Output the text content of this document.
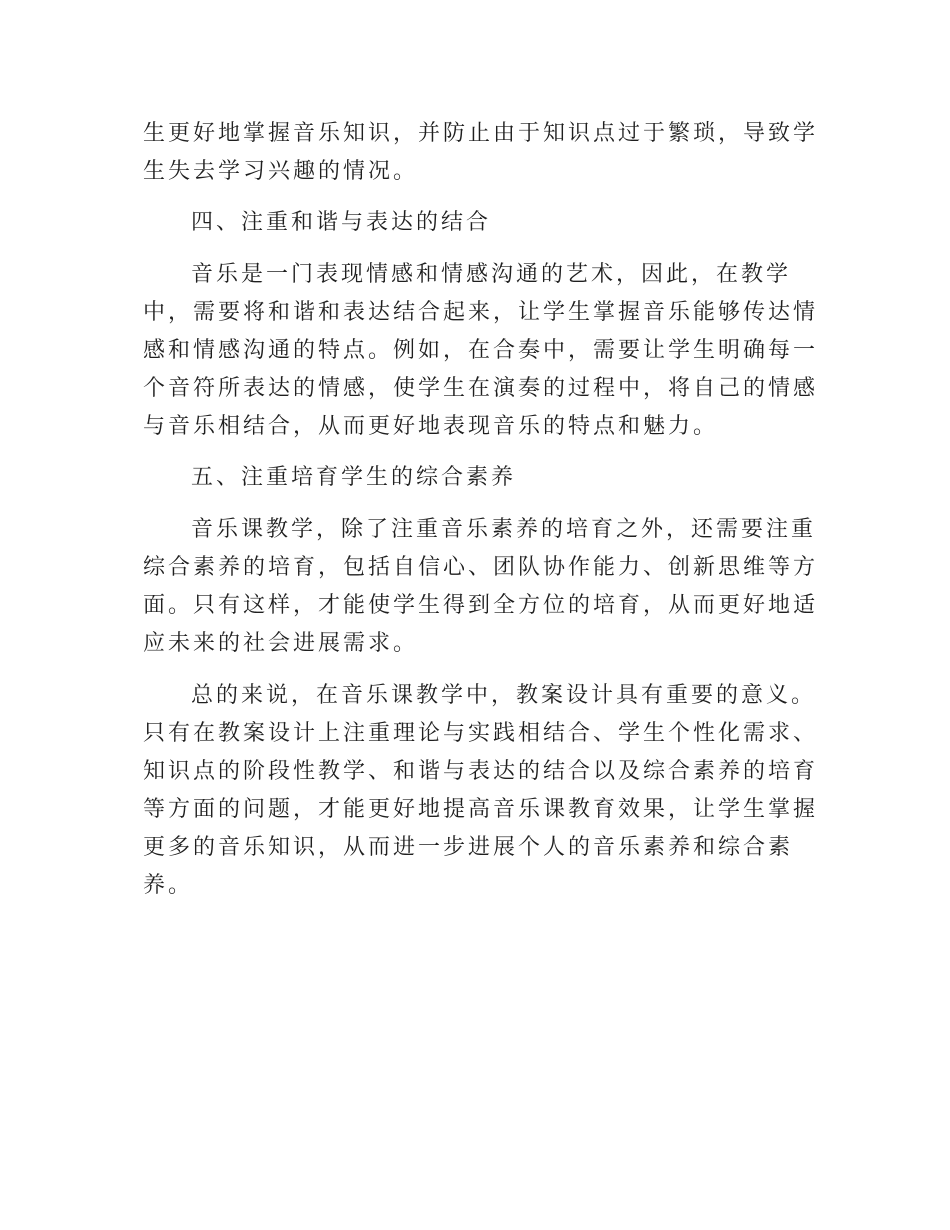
生更好地掌握音乐知识，并防止由于知识点过于繁琐，导致学
生失去学习兴趣的情况。
四、注重和谐与表达的结合
音乐是一门表现情感和情感沟通的艺术，因此，在教学
中，需要将和谐和表达结合起来，让学生掌握音乐能够传达情
感和情感沟通的特点。例如，在合奏中，需要让学生明确每一
个音符所表达的情感，使学生在演奏的过程中，将自己的情感
与音乐相结合，从而更好地表现音乐的特点和魅力。
五、注重培育学生的综合素养
音乐课教学，除了注重音乐素养的培育之外，还需要注重
综合素养的培育，包括自信心、团队协作能力、创新思维等方
面。只有这样，才能使学生得到全方位的培育，从而更好地适
应未来的社会进展需求。
总的来说，在音乐课教学中，教案设计具有重要的意义。
只有在教案设计上注重理论与实践相结合、学生个性化需求、
知识点的阶段性教学、和谐与表达的结合以及综合素养的培育
等方面的问题，才能更好地提高音乐课教育效果，让学生掌握
更多的音乐知识，从而进一步进展个人的音乐素养和综合素
养。
